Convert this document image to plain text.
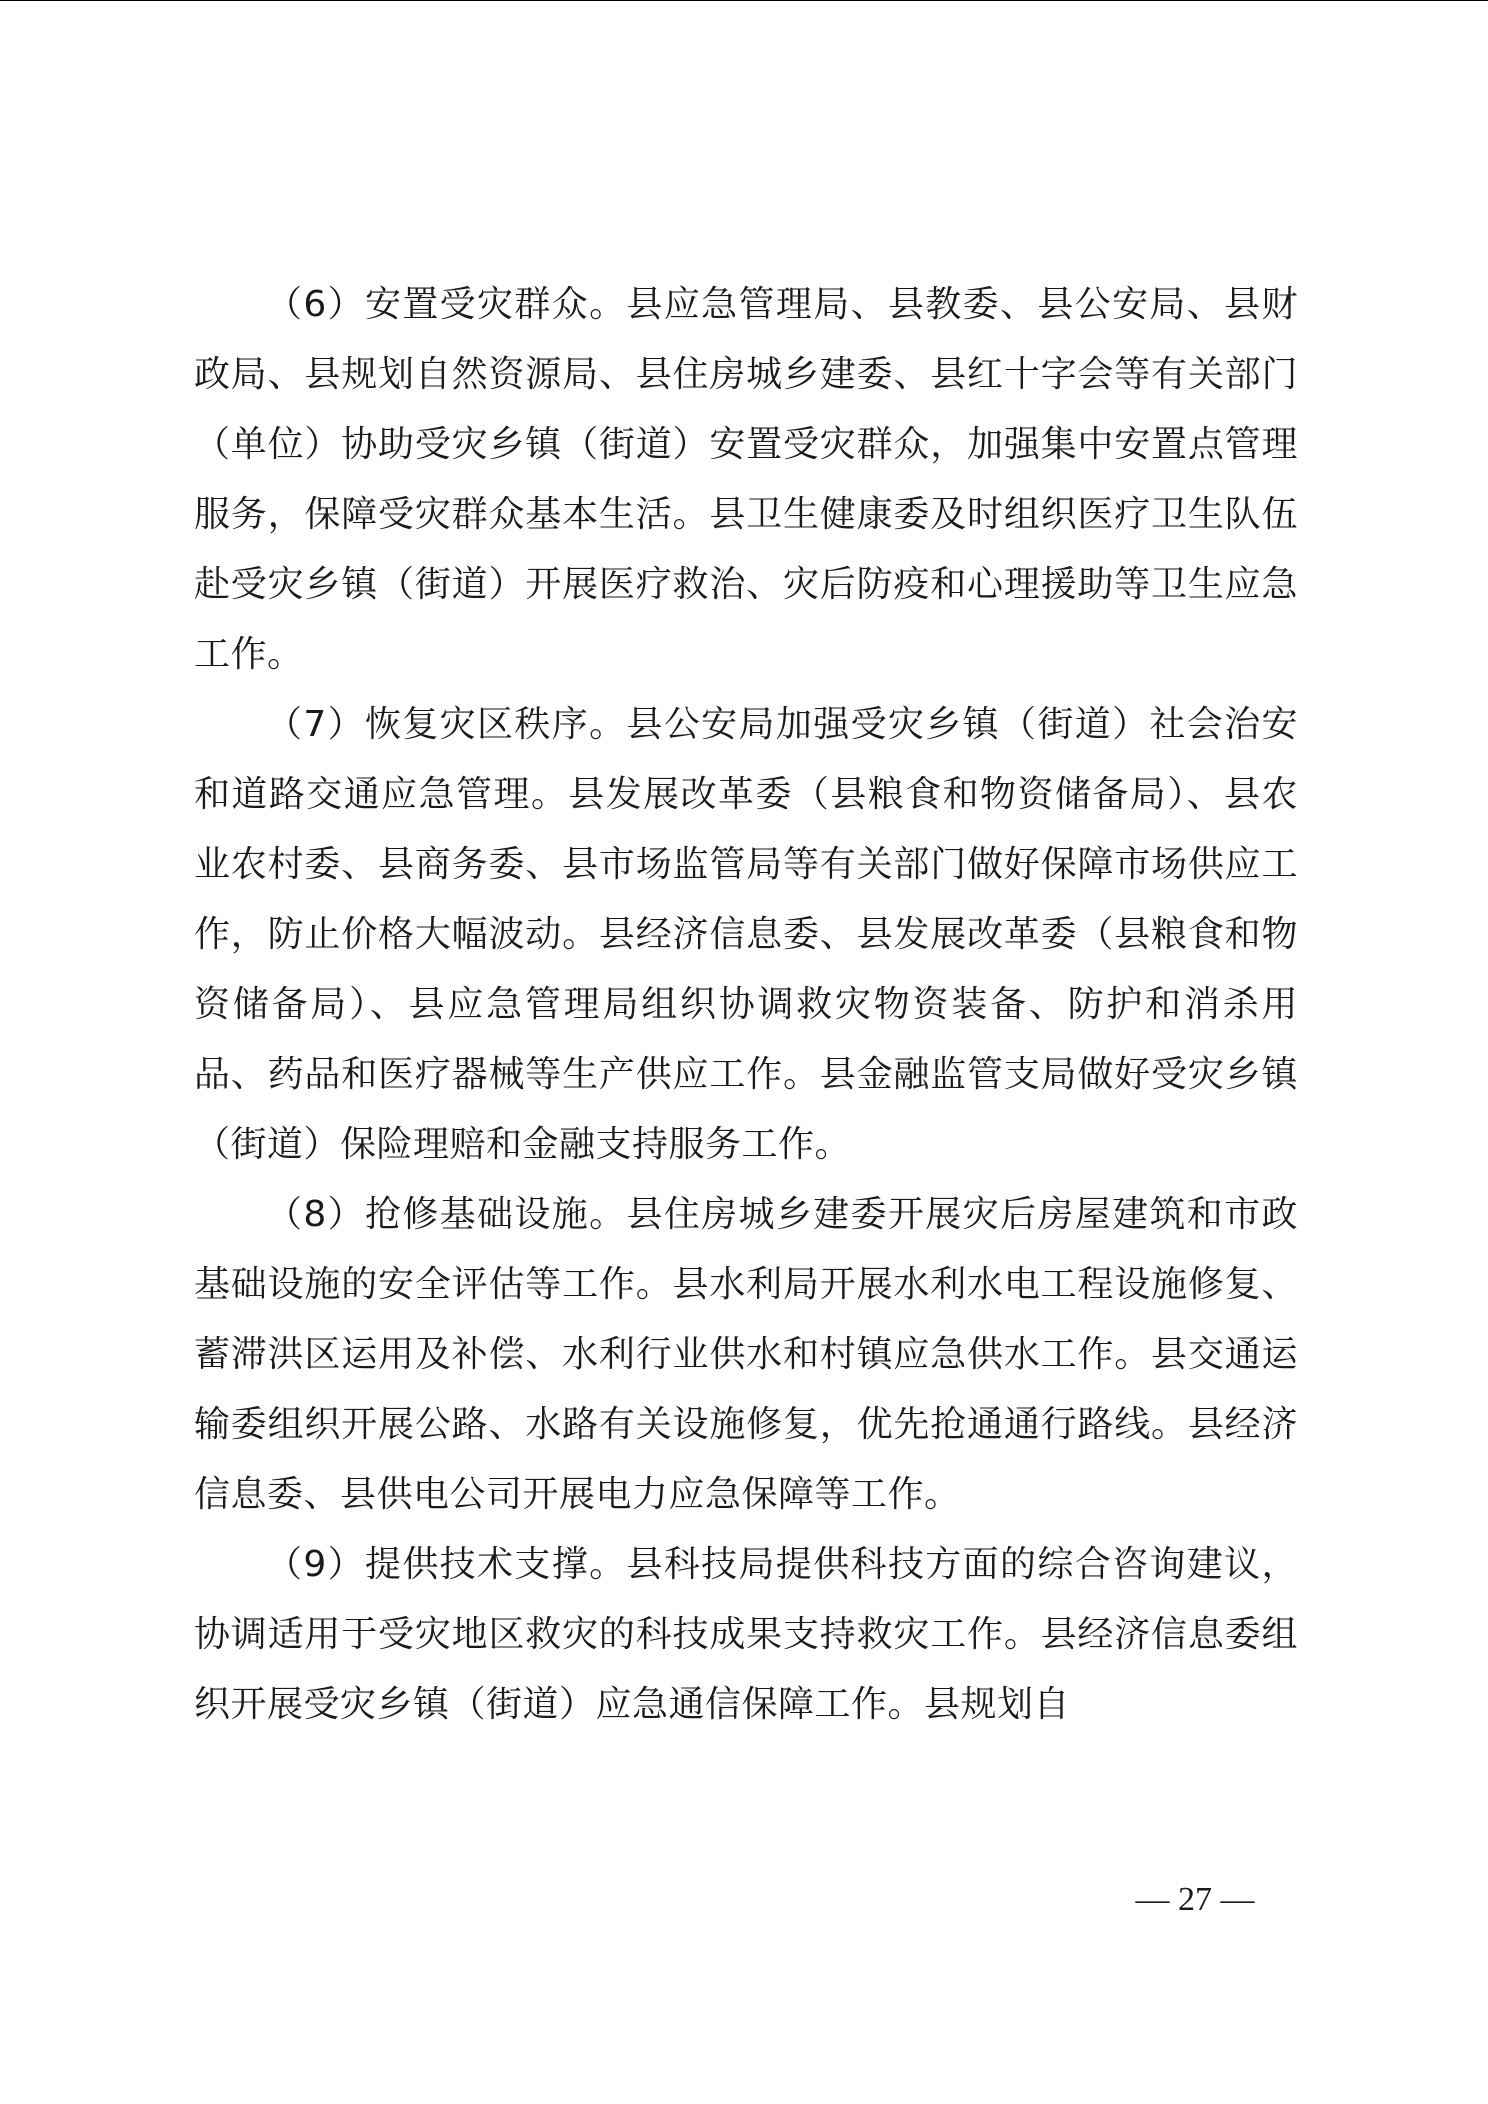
（6）安置受灾群众。县应急管理局、县教委、县公安局、县财政局、县规划自然资源局、县住房城乡建委、县红十字会等有关部门（单位）协助受灾乡镇（街道）安置受灾群众，加强集中安置点管理服务，保障受灾群众基本生活。县卫生健康委及时组织医疗卫生队伍赴受灾乡镇（街道）开展医疗救治、灾后防疫和心理援助等卫生应急工作。

（7）恢复灾区秩序。县公安局加强受灾乡镇（街道）社会治安和道路交通应急管理。县发展改革委（县粮食和物资储备局）、县农业农村委、县商务委、县市场监管局等有关部门做好保障市场供应工作，防止价格大幅波动。县经济信息委、县发展改革委（县粮食和物资储备局）、县应急管理局组织协调救灾物资装备、防护和消杀用品、药品和医疗器械等生产供应工作。县金融监管支局做好受灾乡镇（街道）保险理赔和金融支持服务工作。

（8）抢修基础设施。县住房城乡建委开展灾后房屋建筑和市政基础设施的安全评估等工作。县水利局开展水利水电工程设施修复、蓄滞洪区运用及补偿、水利行业供水和村镇应急供水工作。县交通运输委组织开展公路、水路有关设施修复，优先抢通通行路线。县经济信息委、县供电公司开展电力应急保障等工作。

（9）提供技术支撑。县科技局提供科技方面的综合咨询建议，协调适用于受灾地区救灾的科技成果支持救灾工作。县经济信息委组织开展受灾乡镇（街道）应急通信保障工作。县规划自

— 27 —
